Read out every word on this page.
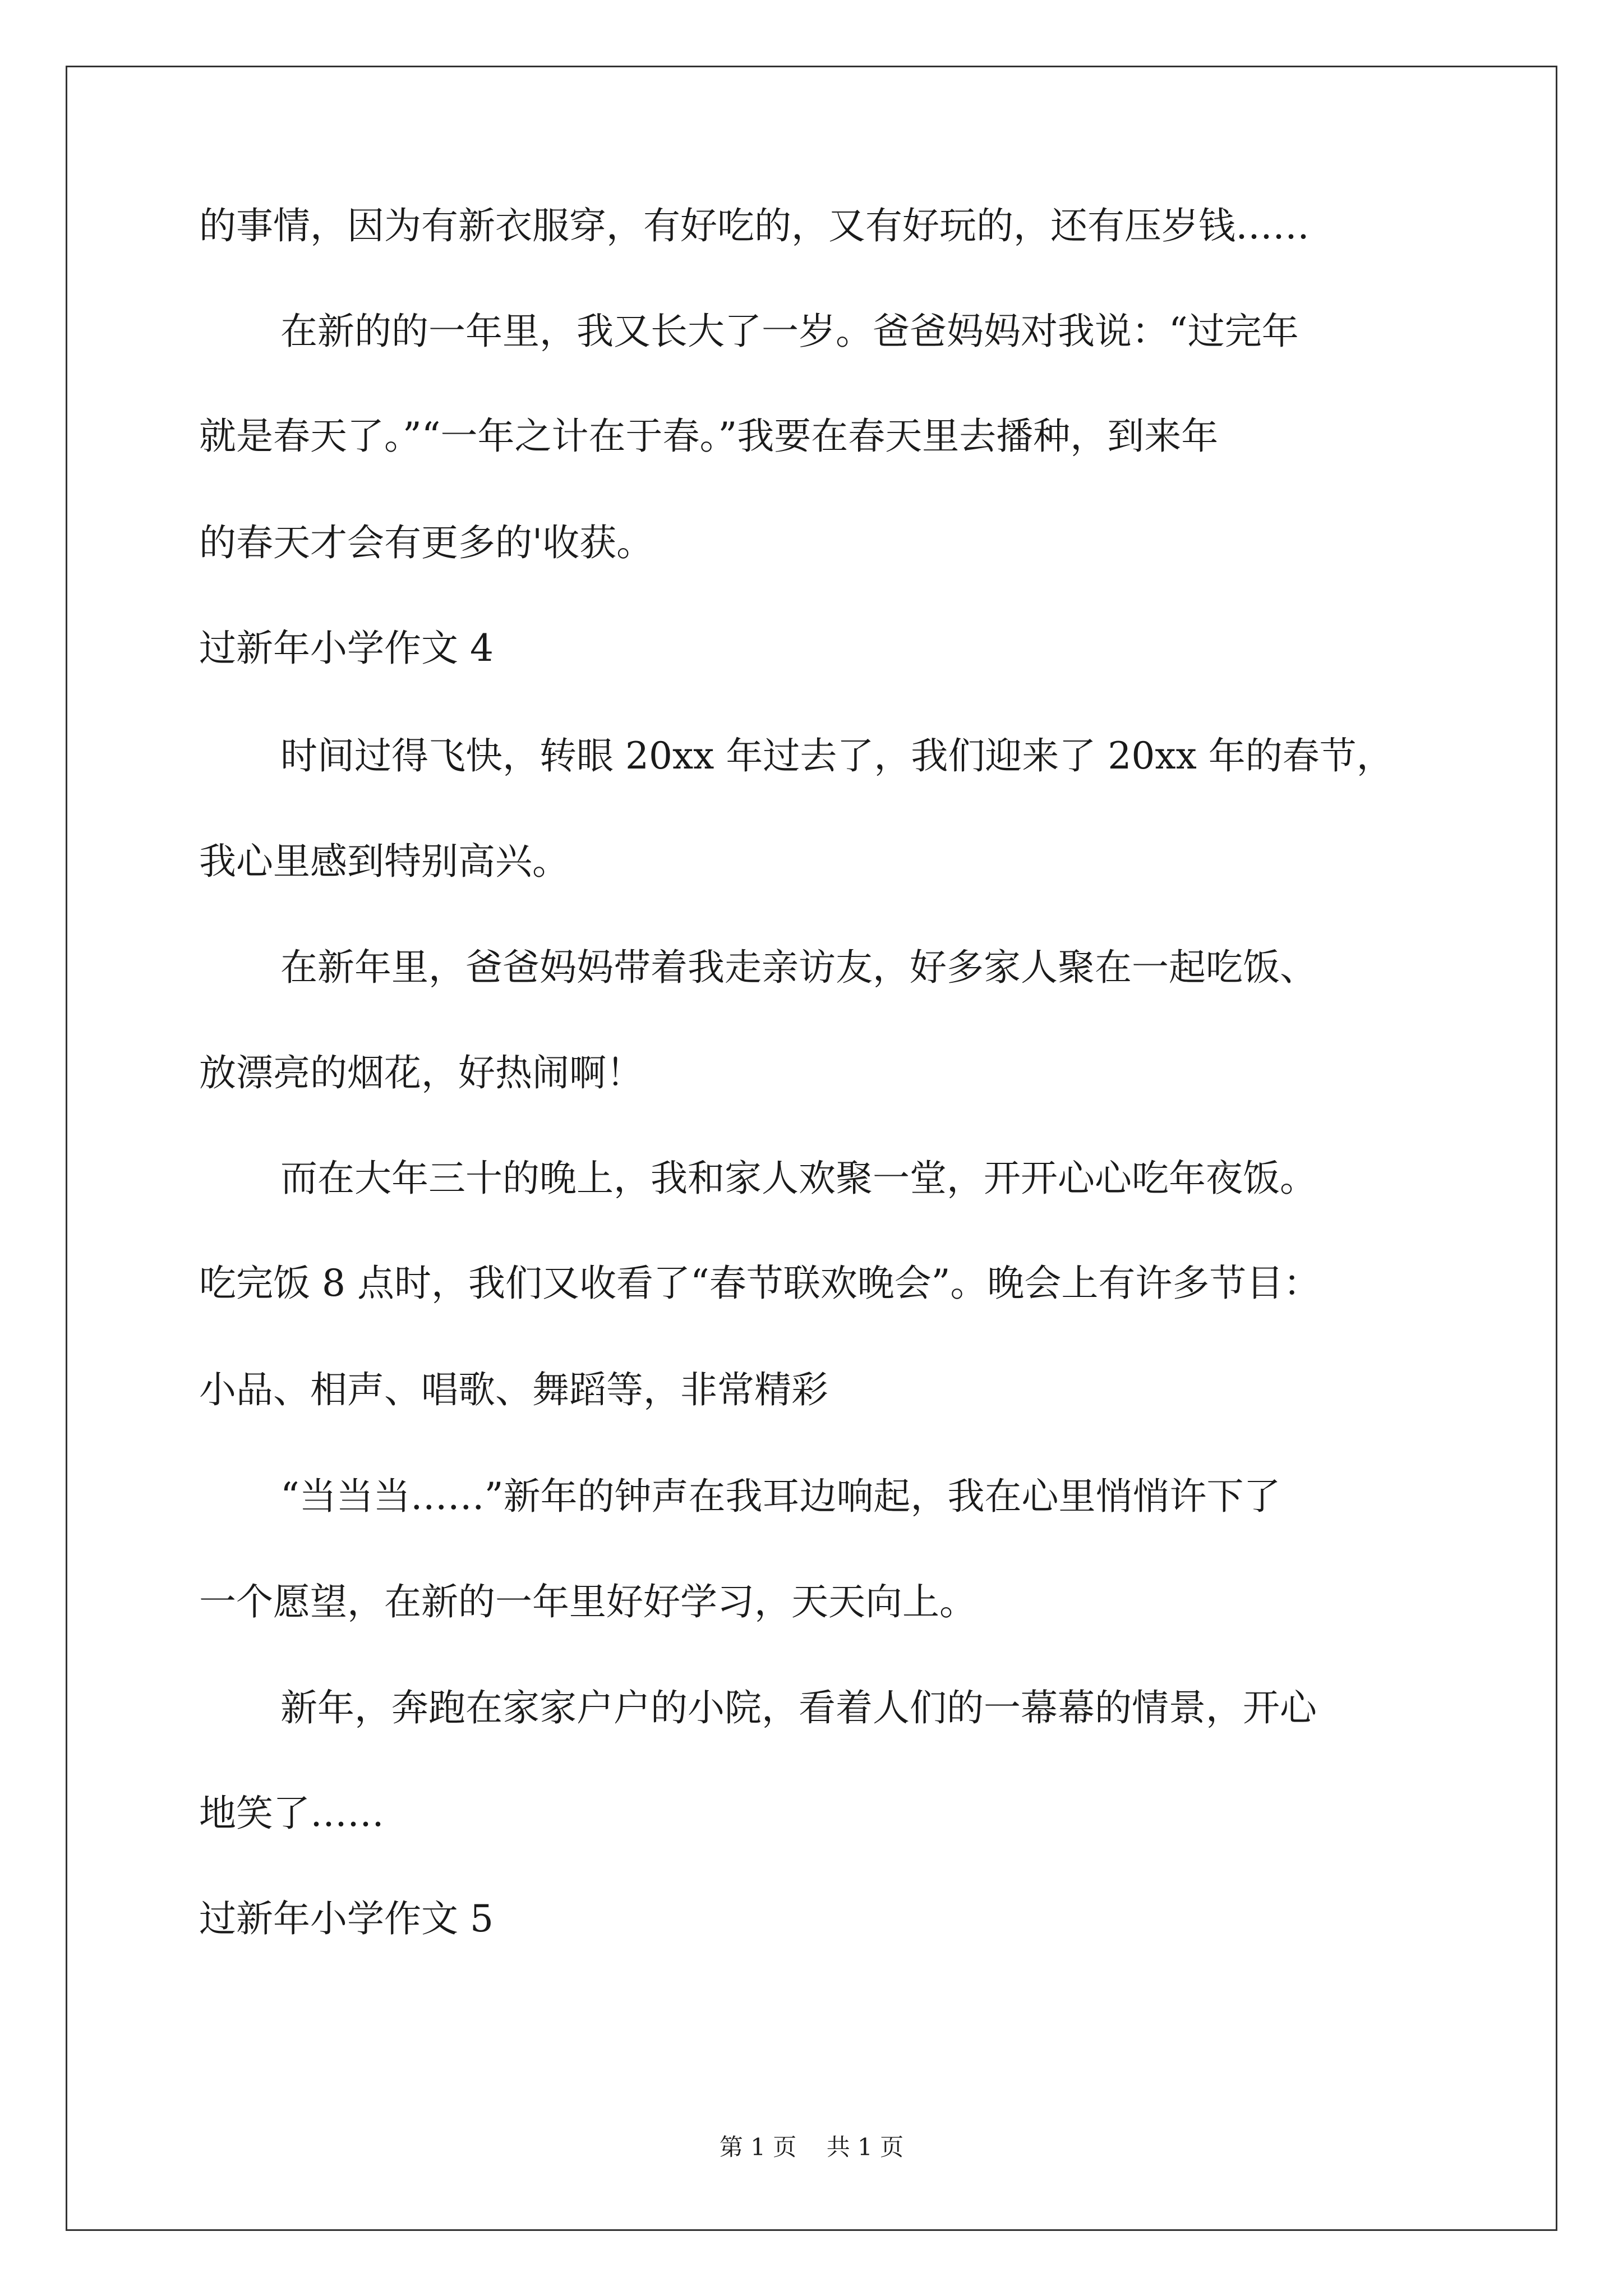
的事情，因为有新衣服穿，有好吃的，又有好玩的，还有压岁钱……
在新的的一年里，我又长大了一岁。爸爸妈妈对我说：“过完年
就是春天了。”“一年之计在于春。”我要在春天里去播种，到来年
的春天才会有更多的'收获。
过新年小学作文 4
时间过得飞快，转眼 20xx 年过去了，我们迎来了 20xx 年的春节，
我心里感到特别高兴。
在新年里，爸爸妈妈带着我走亲访友，好多家人聚在一起吃饭、
放漂亮的烟花，好热闹啊！
而在大年三十的晚上，我和家人欢聚一堂，开开心心吃年夜饭。
吃完饭 8 点时，我们又收看了“春节联欢晚会”。晚会上有许多节目：
小品、相声、唱歌、舞蹈等，非常精彩
“当当当……”新年的钟声在我耳边响起，我在心里悄悄许下了
一个愿望，在新的一年里好好学习，天天向上。
新年，奔跑在家家户户的小院，看着人们的一幕幕的情景，开心
地笑了……
过新年小学作文 5
第 1 页 共 1 页
